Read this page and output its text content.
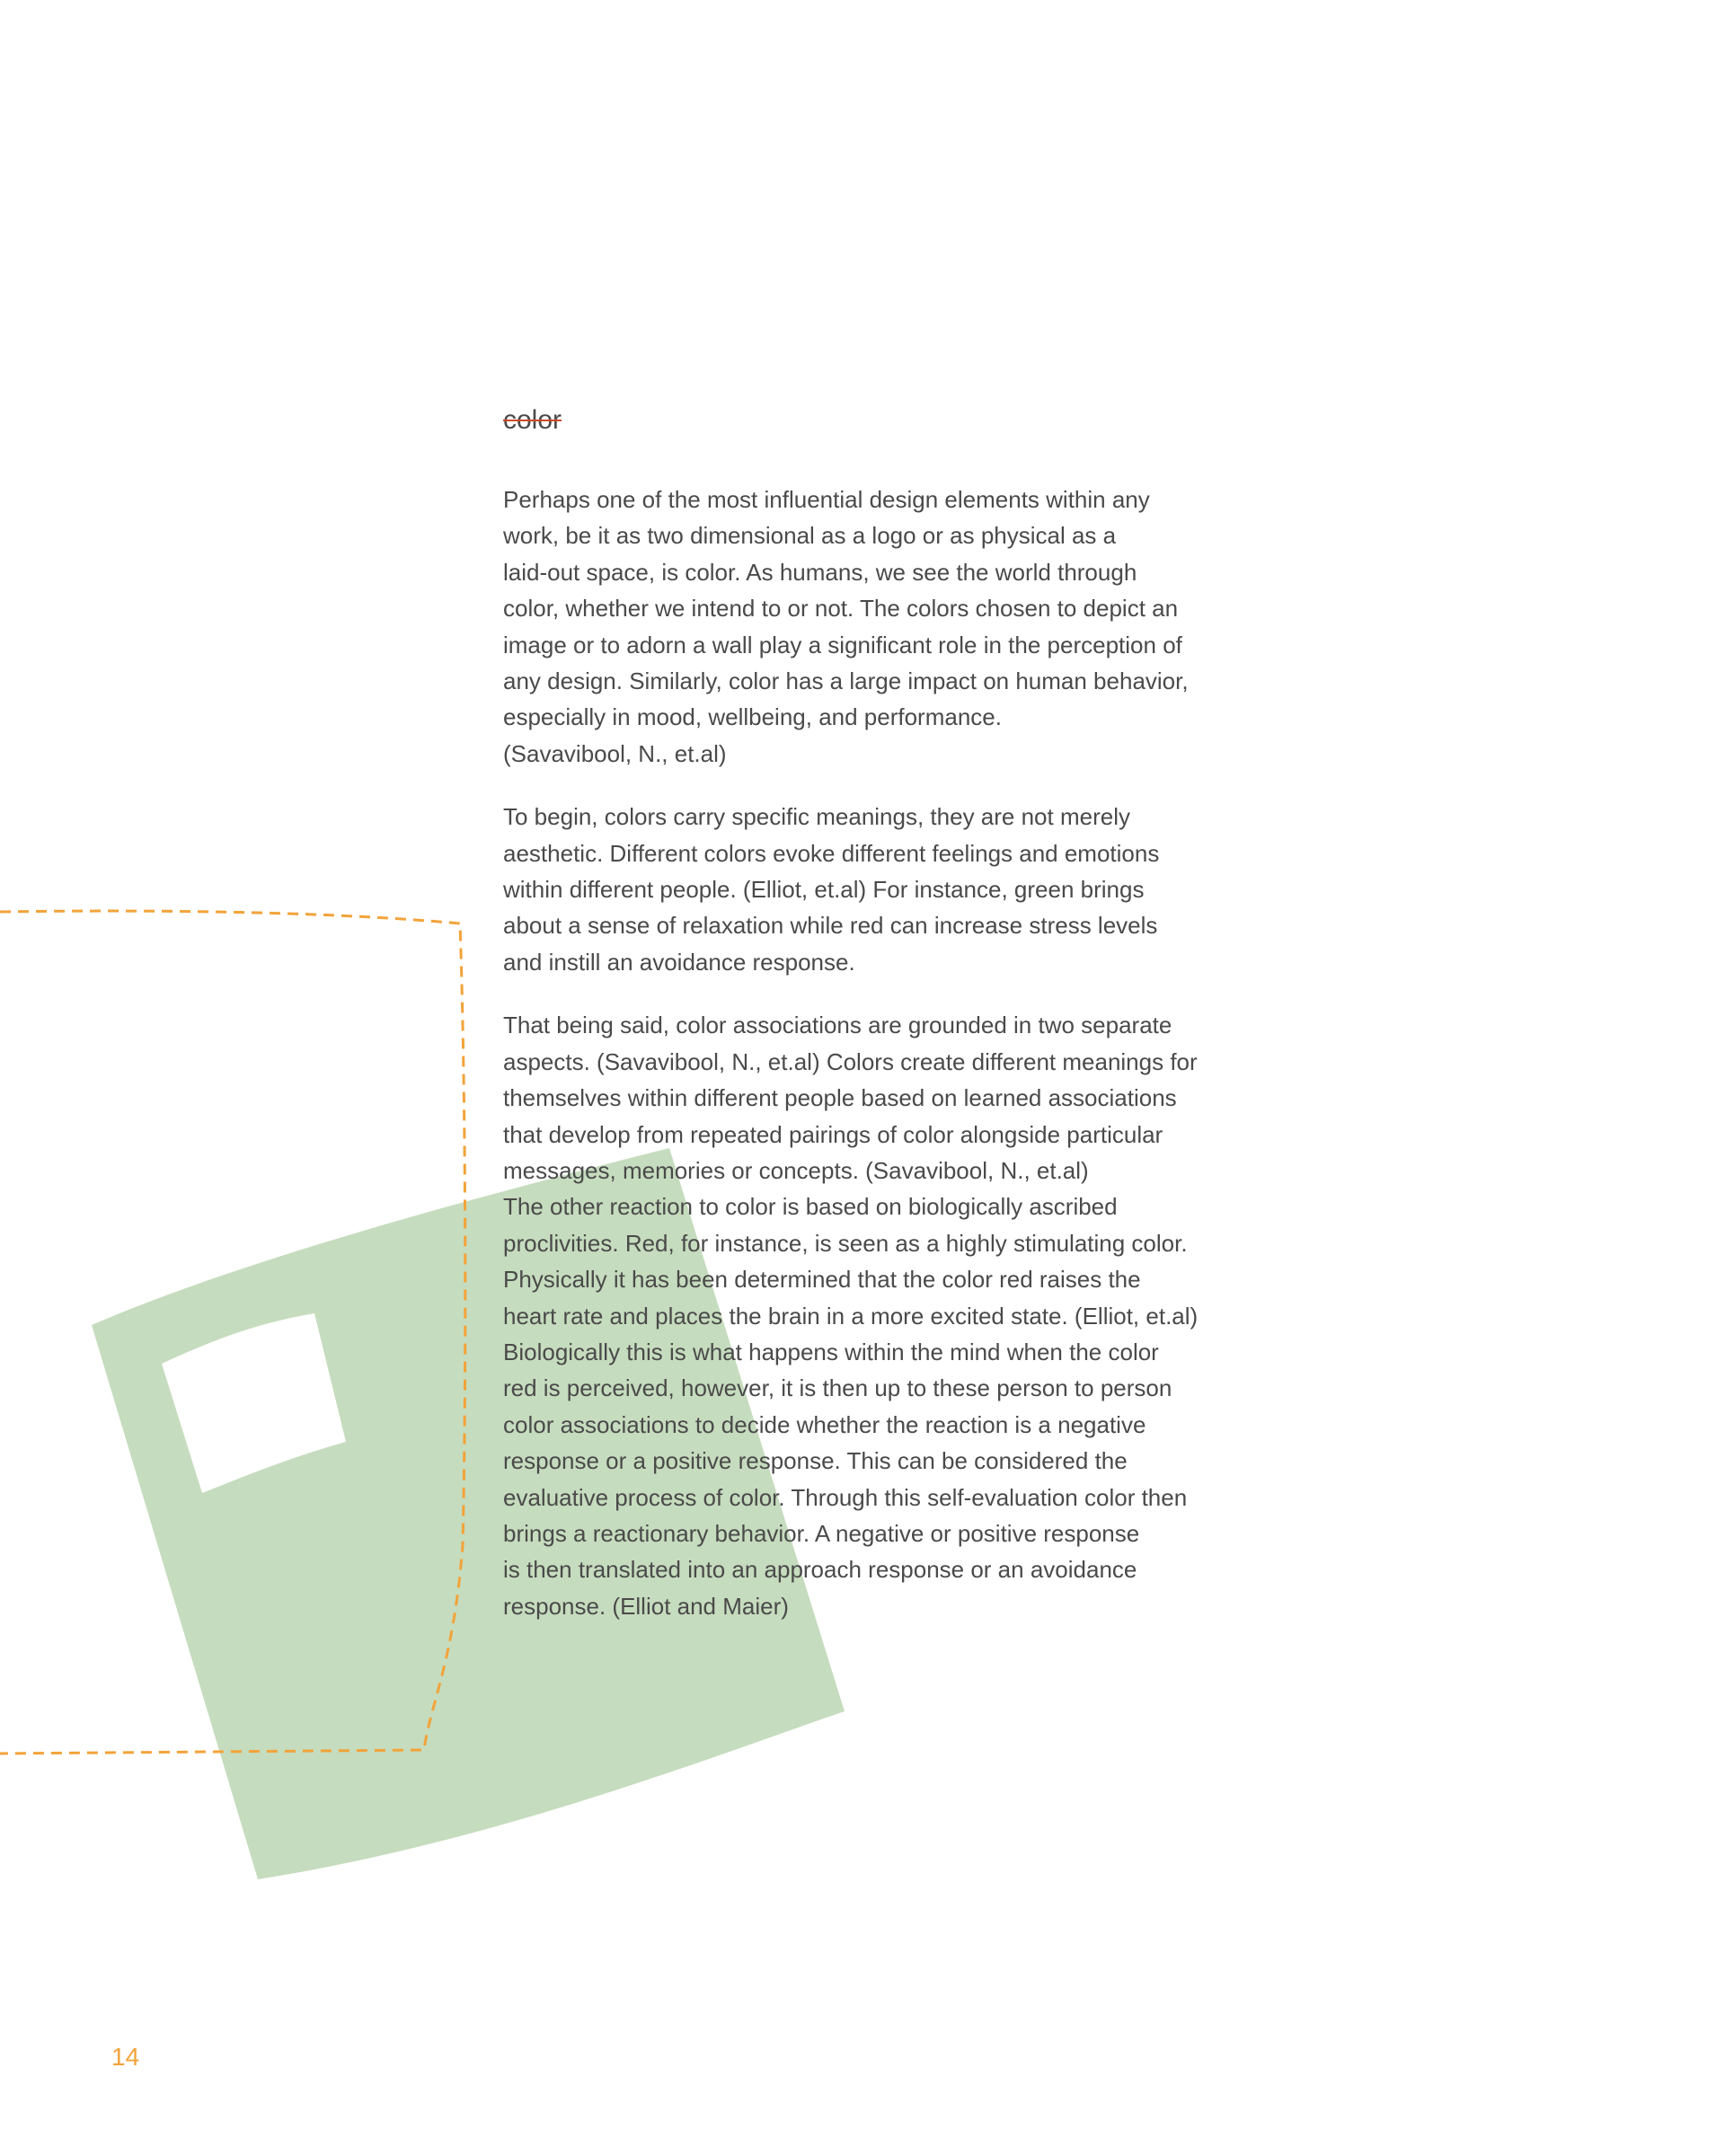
color

Perhaps one of the most influential design elements within any
work, be it as two dimensional as a logo or as physical as a
laid-out space, is color. As humans, we see the world through
color, whether we intend to or not. The colors chosen to depict an
image or to adorn a wall play a significant role in the perception of
any design. Similarly, color has a large impact on human behavior,
especially in mood, wellbeing, and performance.
(Savavibool, N., et.al)

To begin, colors carry specific meanings, they are not merely
aesthetic. Different colors evoke different feelings and emotions
within different people. (Elliot, et.al) For instance, green brings
about a sense of relaxation while red can increase stress levels
and instill an avoidance response.

That being said, color associations are grounded in two separate
aspects. (Savavibool, N., et.al) Colors create different meanings for
themselves within different people based on learned associations
that develop from repeated pairings of color alongside particular
messages, memories or concepts. (Savavibool, N., et.al)
The other reaction to color is based on biologically ascribed
proclivities. Red, for instance, is seen as a highly stimulating color.
Physically it has been determined that the color red raises the
heart rate and places the brain in a more excited state. (Elliot, et.al)
Biologically this is what happens within the mind when the color
red is perceived, however, it is then up to these person to person
color associations to decide whether the reaction is a negative
response or a positive response. This can be considered the
evaluative process of color. Through this self-evaluation color then
brings a reactionary behavior. A negative or positive response
is then translated into an approach response or an avoidance
response. (Elliot and Maier)

14
